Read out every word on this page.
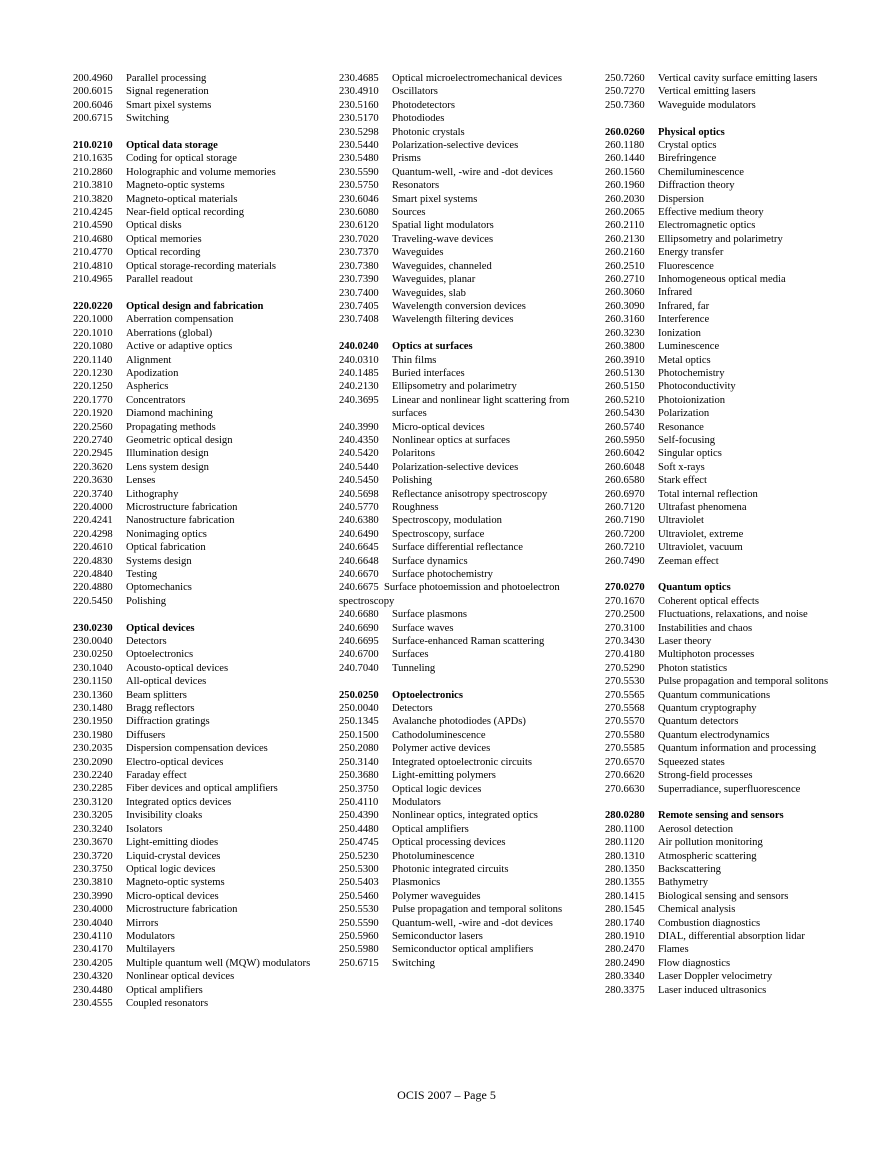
200.4960	Parallel processing
200.6015	Signal regeneration
200.6046	Smart pixel systems
200.6715	Switching
210.0210	Optical data storage
210.1635	Coding for optical storage
210.2860	Holographic and volume memories
210.3810	Magneto-optic systems
210.3820	Magneto-optical materials
210.4245	Near-field optical recording
210.4590	Optical disks
210.4680	Optical memories
210.4770	Optical recording
210.4810	Optical storage-recording materials
210.4965	Parallel readout
220.0220	Optical design and fabrication
220.1000	Aberration compensation
220.1010	Aberrations (global)
220.1080	Active or adaptive optics
220.1140	Alignment
220.1230	Apodization
220.1250	Aspherics
220.1770	Concentrators
220.1920	Diamond machining
220.2560	Propagating methods
220.2740	Geometric optical design
220.2945	Illumination design
220.3620	Lens system design
220.3630	Lenses
220.3740	Lithography
220.4000	Microstructure fabrication
220.4241	Nanostructure fabrication
220.4298	Nonimaging optics
220.4610	Optical fabrication
220.4830	Systems design
220.4840	Testing
220.4880	Optomechanics
220.5450	Polishing
230.0230	Optical devices
230.0040	Detectors
230.0250	Optoelectronics
230.1040	Acousto-optical devices
230.1150	All-optical devices
230.1360	Beam splitters
230.1480	Bragg reflectors
230.1950	Diffraction gratings
230.1980	Diffusers
230.2035	Dispersion compensation devices
230.2090	Electro-optical devices
230.2240	Faraday effect
230.2285	Fiber devices and optical amplifiers
230.3120	Integrated optics devices
230.3205	Invisibility cloaks
230.3240	Isolators
230.3670	Light-emitting diodes
230.3720	Liquid-crystal devices
230.3750	Optical logic devices
230.3810	Magneto-optic systems
230.3990	Micro-optical devices
230.4000	Microstructure fabrication
230.4040	Mirrors
230.4110	Modulators
230.4170	Multilayers
230.4205	Multiple quantum well (MQW) modulators
230.4320	Nonlinear optical devices
230.4480	Optical amplifiers
230.4555	Coupled resonators
230.4685	Optical microelectromechanical devices
230.4910	Oscillators
230.5160	Photodetectors
230.5170	Photodiodes
230.5298	Photonic crystals
230.5440	Polarization-selective devices
230.5480	Prisms
230.5590	Quantum-well, -wire and -dot devices
230.5750	Resonators
230.6046	Smart pixel systems
230.6080	Sources
230.6120	Spatial light modulators
230.7020	Traveling-wave devices
230.7370	Waveguides
230.7380	Waveguides, channeled
230.7390	Waveguides, planar
230.7400	Waveguides, slab
230.7405	Wavelength conversion devices
230.7408	Wavelength filtering devices
240.0240	Optics at surfaces
240.0310	Thin films
240.1485	Buried interfaces
240.2130	Ellipsometry and polarimetry
240.3695	Linear and nonlinear light scattering from surfaces
240.3990	Micro-optical devices
240.4350	Nonlinear optics at surfaces
240.5420	Polaritons
240.5440	Polarization-selective devices
240.5450	Polishing
240.5698	Reflectance anisotropy spectroscopy
240.5770	Roughness
240.6380	Spectroscopy, modulation
240.6490	Spectroscopy, surface
240.6645	Surface differential reflectance
240.6648	Surface dynamics
240.6670	Surface photochemistry
240.6675 Surface photoemission and photoelectron spectroscopy
240.6680	Surface plasmons
240.6690	Surface waves
240.6695	Surface-enhanced Raman scattering
240.6700	Surfaces
240.7040	Tunneling
250.0250	Optoelectronics
250.0040	Detectors
250.1345	Avalanche photodiodes (APDs)
250.1500	Cathodoluminescence
250.2080	Polymer active devices
250.3140	Integrated optoelectronic circuits
250.3680	Light-emitting polymers
250.3750	Optical logic devices
250.4110	Modulators
250.4390	Nonlinear optics, integrated optics
250.4480	Optical amplifiers
250.4745	Optical processing devices
250.5230	Photoluminescence
250.5300	Photonic integrated circuits
250.5403	Plasmonics
250.5460	Polymer waveguides
250.5530	Pulse propagation and temporal solitons
250.5590	Quantum-well, -wire and -dot devices
250.5960	Semiconductor lasers
250.5980	Semiconductor optical amplifiers
250.6715	Switching
250.7260	Vertical cavity surface emitting lasers
250.7270	Vertical emitting lasers
250.7360	Waveguide modulators
260.0260	Physical optics
260.1180	Crystal optics
260.1440	Birefringence
260.1560	Chemiluminescence
260.1960	Diffraction theory
260.2030	Dispersion
260.2065	Effective medium theory
260.2110	Electromagnetic optics
260.2130	Ellipsometry and polarimetry
260.2160	Energy transfer
260.2510	Fluorescence
260.2710	Inhomogeneous optical media
260.3060	Infrared
260.3090	Infrared, far
260.3160	Interference
260.3230	Ionization
260.3800	Luminescence
260.3910	Metal optics
260.5130	Photochemistry
260.5150	Photoconductivity
260.5210	Photoionization
260.5430	Polarization
260.5740	Resonance
260.5950	Self-focusing
260.6042	Singular optics
260.6048	Soft x-rays
260.6580	Stark effect
260.6970	Total internal reflection
260.7120	Ultrafast phenomena
260.7190	Ultraviolet
260.7200	Ultraviolet, extreme
260.7210	Ultraviolet, vacuum
260.7490	Zeeman effect
270.0270	Quantum optics
270.1670	Coherent optical effects
270.2500	Fluctuations, relaxations, and noise
270.3100	Instabilities and chaos
270.3430	Laser theory
270.4180	Multiphoton processes
270.5290	Photon statistics
270.5530	Pulse propagation and temporal solitons
270.5565	Quantum communications
270.5568	Quantum cryptography
270.5570	Quantum detectors
270.5580	Quantum electrodynamics
270.5585	Quantum information and processing
270.6570	Squeezed states
270.6620	Strong-field processes
270.6630	Superradiance, superfluorescence
280.0280	Remote sensing and sensors
280.1100	Aerosol detection
280.1120	Air pollution monitoring
280.1310	Atmospheric scattering
280.1350	Backscattering
280.1355	Bathymetry
280.1415	Biological sensing and sensors
280.1545	Chemical analysis
280.1740	Combustion diagnostics
280.1910	DIAL, differential absorption lidar
280.2470	Flames
280.2490	Flow diagnostics
280.3340	Laser Doppler velocimetry
280.3375	Laser induced ultrasonics
OCIS 2007 – Page 5
